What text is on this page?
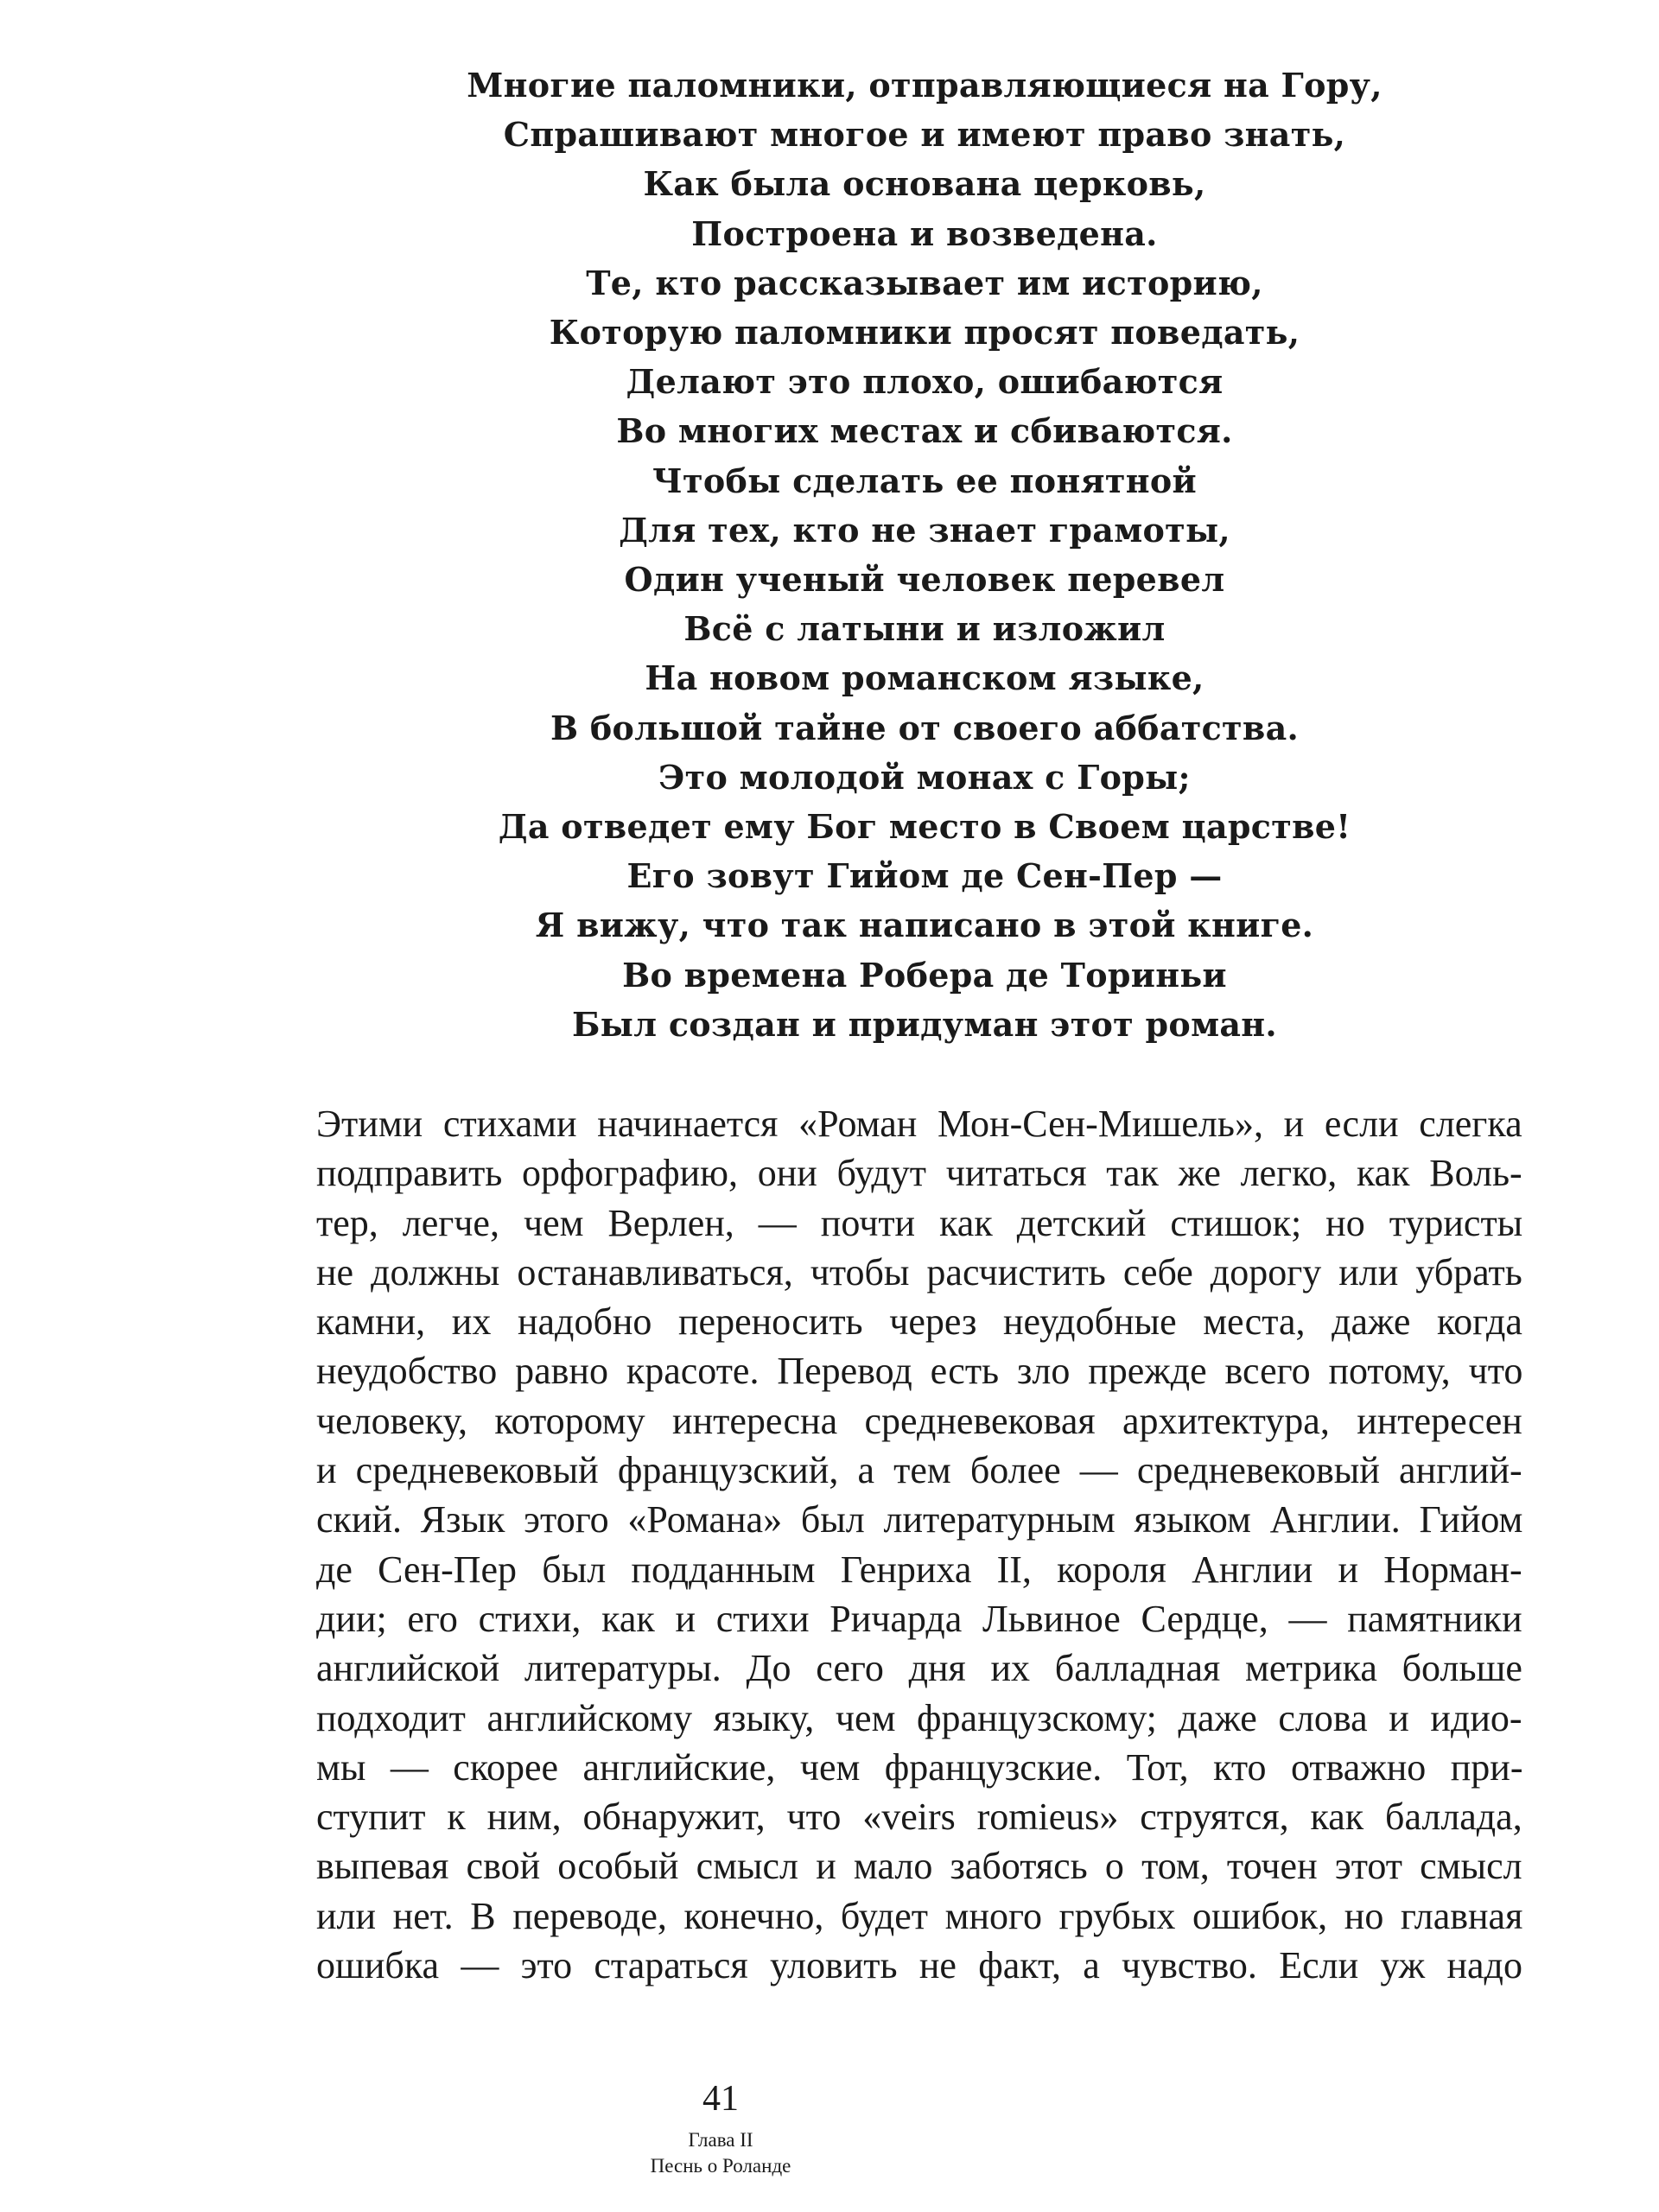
Многие паломники, отправляющиеся на Гору,
Спрашивают многое и имеют право знать,
Как была основана церковь,
Построена и возведена.
Те, кто рассказывает им историю,
Которую паломники просят поведать,
Делают это плохо, ошибаются
Во многих местах и сбиваются.
Чтобы сделать ее понятной
Для тех, кто не знает грамоты,
Один ученый человек перевел
Всё с латыни и изложил
На новом романском языке,
В большой тайне от своего аббатства.
Это молодой монах с Горы;
Да отведет ему Бог место в Своем царстве!
Его зовут Гийом де Сен-Пер —
Я вижу, что так написано в этой книге.
Во времена Робера де Ториньи
Был создан и придуман этот роман.
Этими стихами начинается «Роман Мон-Сен-Мишель», и если слегка
подправить орфографию, они будут читаться так же легко, как Воль-
тер, легче, чем Верлен, — почти как детский стишок; но туристы
не должны останавливаться, чтобы расчистить себе дорогу или убрать
камни, их надобно переносить через неудобные места, даже когда
неудобство равно красоте. Перевод есть зло прежде всего потому, что
человеку, которому интересна средневековая архитектура, интересен
и средневековый французский, а тем более — средневековый англий-
ский. Язык этого «Романа» был литературным языком Англии. Гийом
де Сен-Пер был подданным Генриха II, короля Англии и Норман-
дии; его стихи, как и стихи Ричарда Львиное Сердце, — памятники
английской литературы. До сего дня их балладная метрика больше
подходит английскому языку, чем французскому; даже слова и идио-
мы — скорее английские, чем французские. Тот, кто отважно при-
ступит к ним, обнаружит, что «veirs romieus» струятся, как баллада,
выпевая свой особый смысл и мало заботясь о том, точен этот смысл
или нет. В переводе, конечно, будет много грубых ошибок, но главная
ошибка — это стараться уловить не факт, а чувство. Если уж надо
41
Глава II
Песнь о Роланде
